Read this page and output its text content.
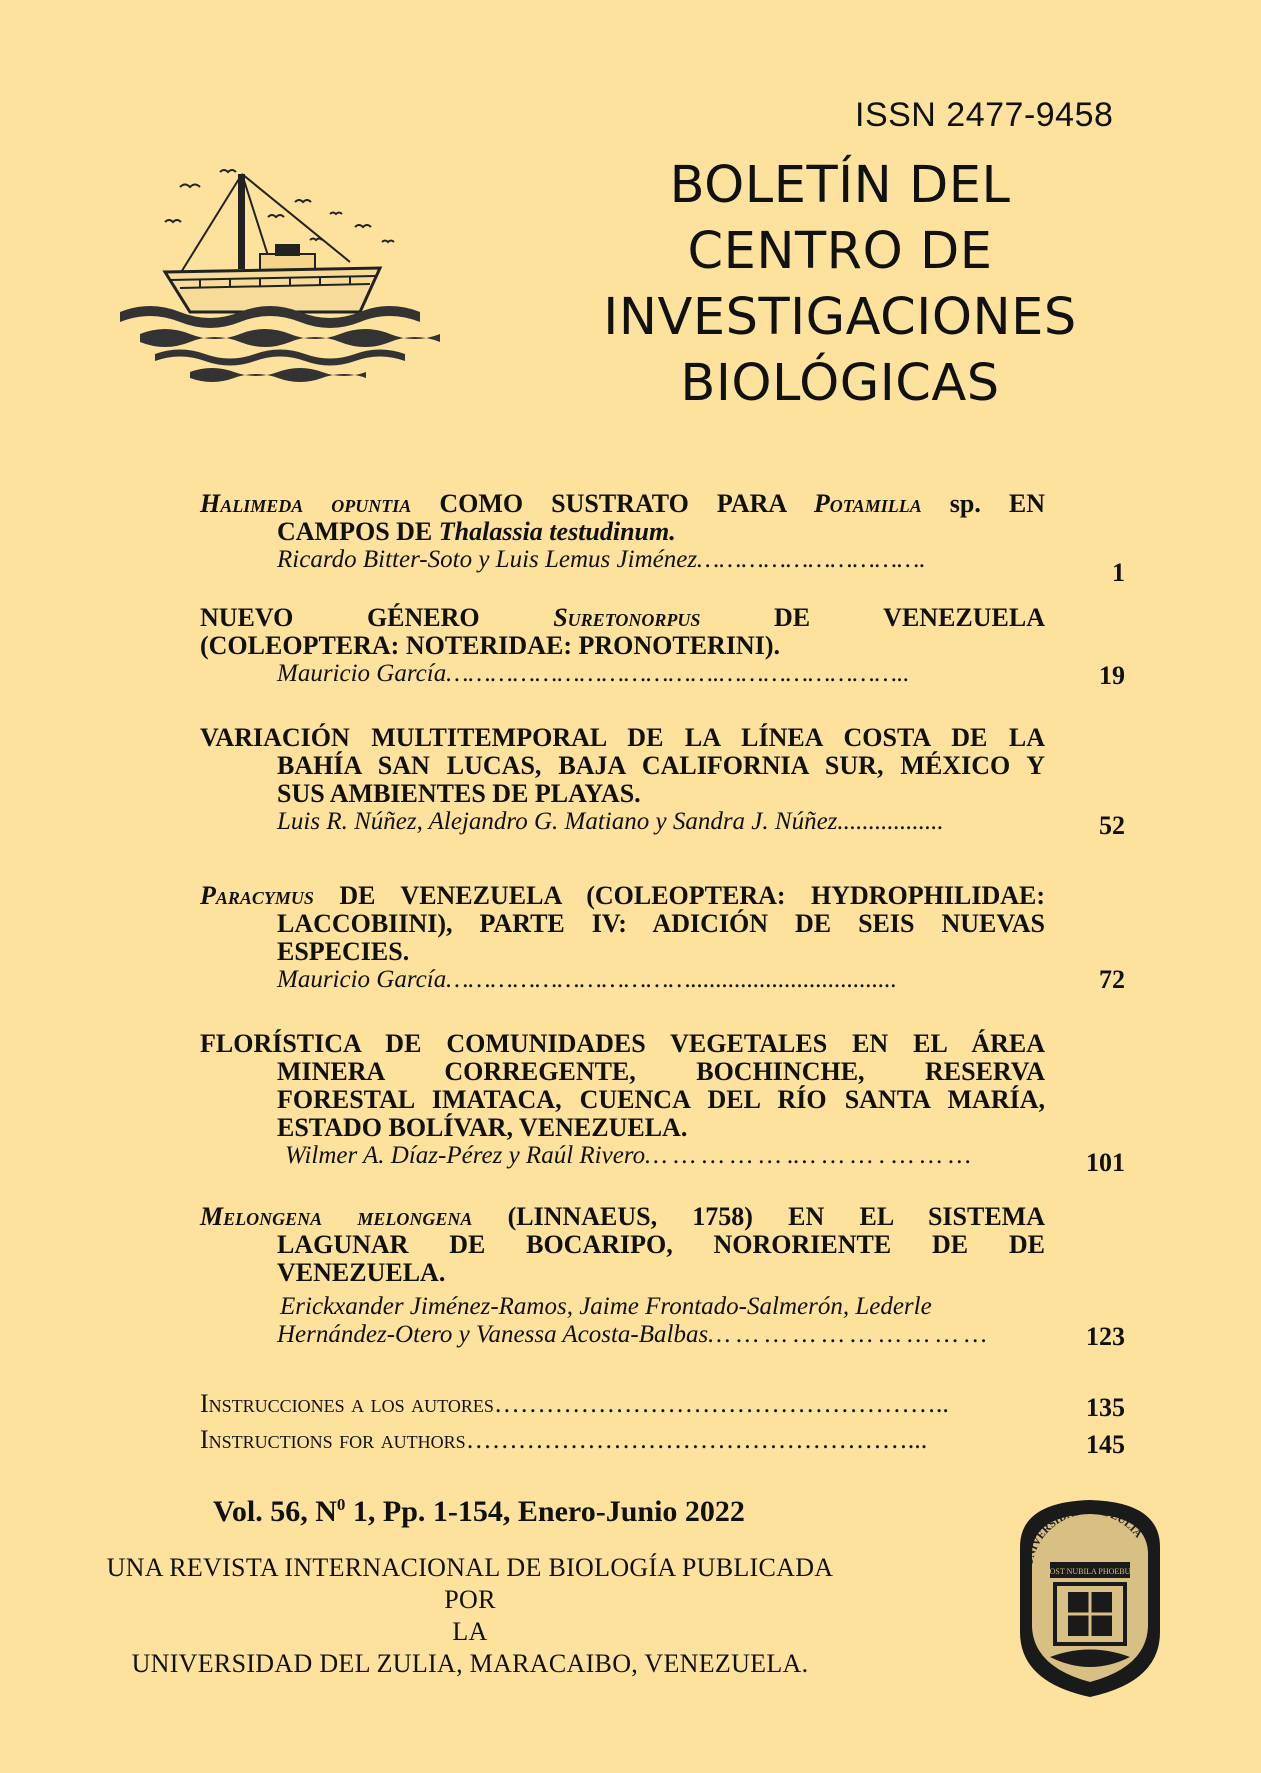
ISSN 2477-9458
BOLETÍN DEL
CENTRO DE
INVESTIGACIONES
BIOLÓGICAS
Halimeda opuntia COMO SUSTRATO PARA Potamilla sp. EN
CAMPOS DE Thalassia testudinum.
Ricardo Bitter-Soto y Luis Lemus Jiménez………………………….	1
NUEVO GÉNERO Suretonorpus DE VENEZUELA
(COLEOPTERA: NOTERIDAE: PRONOTERINI).
Mauricio García……………………………….……………………..	19
VARIACIÓN MULTITEMPORAL DE LA LÍNEA COSTA DE LA
BAHÍA SAN LUCAS, BAJA CALIFORNIA SUR, MÉXICO Y
SUS AMBIENTES DE PLAYAS.
Luis R. Núñez, Alejandro G. Matiano y Sandra J. Núñez.................	52
Paracymus DE VENEZUELA (COLEOPTERA: HYDROPHILIDAE:
LACCOBIINI), PARTE IV: ADICIÓN DE SEIS NUEVAS
ESPECIES.
Mauricio García…………………………….................................	72
FLORÍSTICA DE COMUNIDADES VEGETALES EN EL ÁREA
MINERA CORREGENTE, BOCHINCHE, RESERVA
FORESTAL IMATACA, CUENCA DEL RÍO SANTA MARÍA,
ESTADO BOLÍVAR, VENEZUELA.
Wilmer A. Díaz-Pérez y Raúl Rivero… … … … … .… … … . … … …	101
Melongena melongena (LINNAEUS, 1758) EN EL SISTEMA
LAGUNAR DE BOCARIPO, NORORIENTE DE DE
VENEZUELA.
Erickxander Jiménez-Ramos, Jaime Frontado-Salmerón, Lederle
Hernández-Otero y Vanessa Acosta-Balbas… … … … … … … … … …	123
Instrucciones a los autores……………………………………………..	135
Instructions for authors……………………………………………...	145
Vol. 56, $N^0$ 1, Pp. 1-154, Enero-Junio 2022
UNA REVISTA INTERNACIONAL DE BIOLOGÍA PUBLICADA POR
LA
UNIVERSIDAD DEL ZULIA, MARACAIBO, VENEZUELA.
UNIVERSIDAD DEL ZULIA
POST NUBILA PHOEBUS
